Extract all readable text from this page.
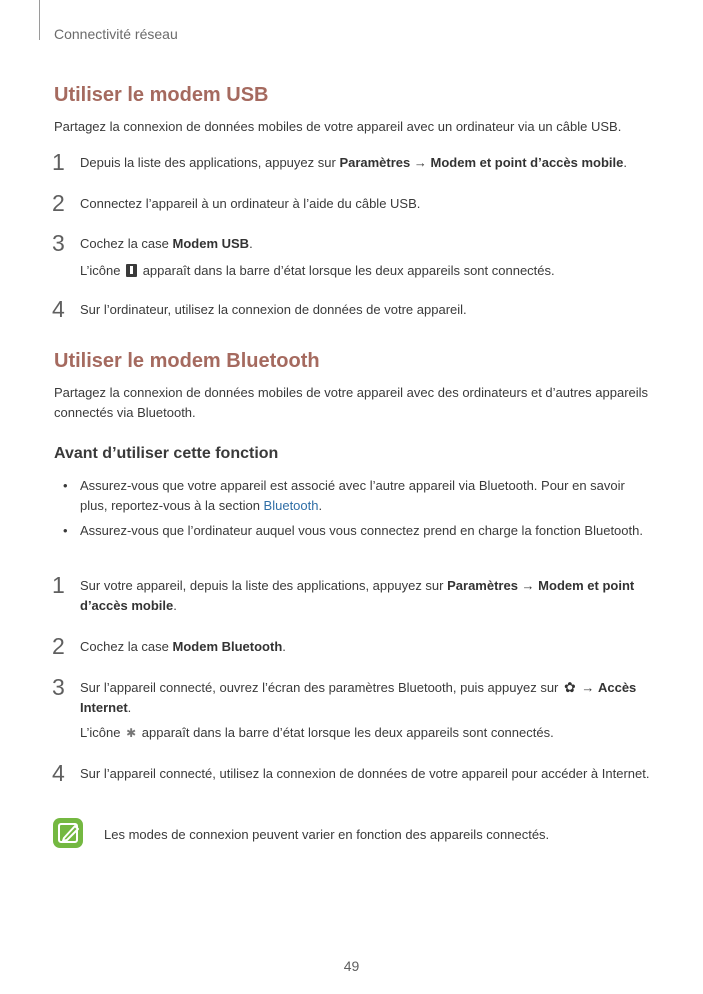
Connectivité réseau
Utiliser le modem USB
Partagez la connexion de données mobiles de votre appareil avec un ordinateur via un câble USB.
1 Depuis la liste des applications, appuyez sur Paramètres → Modem et point d’accès mobile.
2 Connectez l’appareil à un ordinateur à l’aide du câble USB.
3 Cochez la case Modem USB.
L’icône  apparaît dans la barre d’état lorsque les deux appareils sont connectés.
4 Sur l’ordinateur, utilisez la connexion de données de votre appareil.
Utiliser le modem Bluetooth
Partagez la connexion de données mobiles de votre appareil avec des ordinateurs et d’autres appareils connectés via Bluetooth.
Avant d’utiliser cette fonction
• Assurez-vous que votre appareil est associé avec l’autre appareil via Bluetooth. Pour en savoir plus, reportez-vous à la section Bluetooth.
• Assurez-vous que l’ordinateur auquel vous vous connectez prend en charge la fonction Bluetooth.
1 Sur votre appareil, depuis la liste des applications, appuyez sur Paramètres → Modem et point d’accès mobile.
2 Cochez la case Modem Bluetooth.
3 Sur l’appareil connecté, ouvrez l’écran des paramètres Bluetooth, puis appuyez sur ✿ → Accès Internet.
L’icône ✱ apparaît dans la barre d’état lorsque les deux appareils sont connectés.
4 Sur l’appareil connecté, utilisez la connexion de données de votre appareil pour accéder à Internet.
Les modes de connexion peuvent varier en fonction des appareils connectés.
49
